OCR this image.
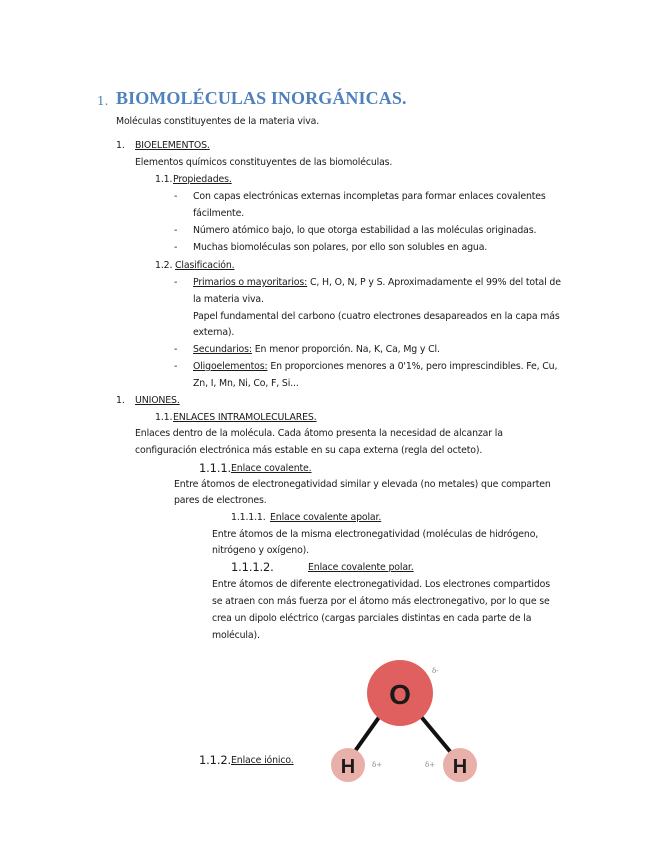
1. BIOMOLÉCULAS INORGÁNICAS.
Moléculas constituyentes de la materia viva.
1. BIOELEMENTOS.
Elementos químicos constituyentes de las biomoléculas.
1.1. Propiedades.
- Con capas electrónicas externas incompletas para formar enlaces covalentes
fácilmente.
- Número atómico bajo, lo que otorga estabilidad a las moléculas originadas.
- Muchas biomoléculas son polares, por ello son solubles en agua.
1.2. Clasificación.
- Primarios o mayoritarios: C, H, O, N, P y S. Aproximadamente el 99% del total de
la materia viva.
Papel fundamental del carbono (cuatro electrones desapareados en la capa más
externa).
- Secundarios: En menor proporción. Na, K, Ca, Mg y Cl.
- Oligoelementos: En proporciones menores a 0'1%, pero imprescindibles. Fe, Cu,
Zn, I, Mn, Ni, Co, F, Si...
1. UNIONES.
1.1. ENLACES INTRAMOLECULARES.
Enlaces dentro de la molécula. Cada átomo presenta la necesidad de alcanzar la
configuración electrónica más estable en su capa externa (regla del octeto).
1.1.1. Enlace covalente.
Entre átomos de electronegatividad similar y elevada (no metales) que comparten
pares de electrones.
1.1.1.1. Enlace covalente apolar.
Entre átomos de la misma electronegatividad (moléculas de hidrógeno,
nitrógeno y oxígeno).
1.1.1.2.	Enlace covalente polar.
Entre átomos de diferente electronegatividad. Los electrones compartidos
se atraen con más fuerza por el átomo más electronegativo, por lo que se
crea un dipolo eléctrico (cargas parciales distintas en cada parte de la
molécula).
1.1.2. Enlace iónico.
O
H	H
δ-
δ+	δ+
